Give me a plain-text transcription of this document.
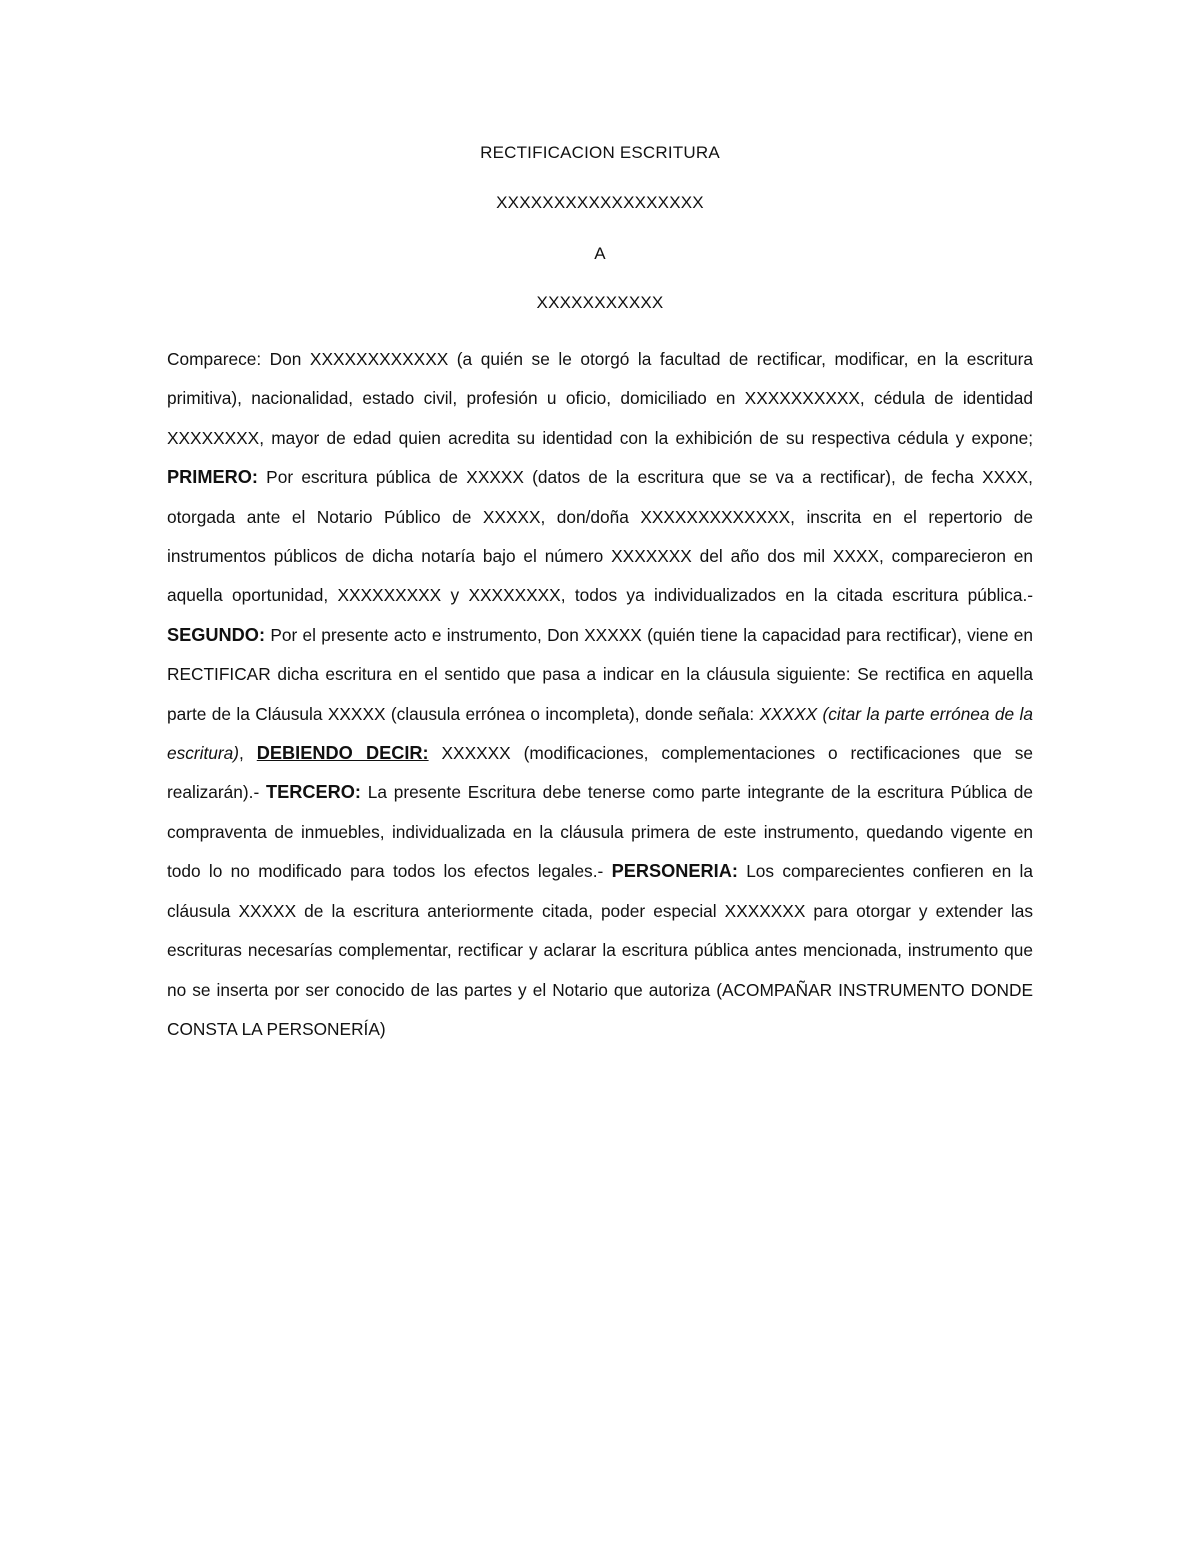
RECTIFICACION ESCRITURA

XXXXXXXXXXXXXXXXXX

A

XXXXXXXXXXX

Comparece: Don XXXXXXXXXXXX (a quién se le otorgó la facultad de rectificar, modificar, en la escritura primitiva), nacionalidad, estado civil, profesión u oficio, domiciliado en XXXXXXXXXX, cédula de identidad XXXXXXXX, mayor de edad quien acredita su identidad con la exhibición de su respectiva cédula y expone; PRIMERO: Por escritura pública de XXXXX (datos de la escritura que se va a rectificar), de fecha XXXX, otorgada ante el Notario Público de XXXXX, don/doña XXXXXXXXXXXXX, inscrita en el repertorio de instrumentos públicos de dicha notaría bajo el número XXXXXXX del año dos mil XXXX, comparecieron en aquella oportunidad, XXXXXXXXX y XXXXXXXX, todos ya individualizados en la citada escritura pública.- SEGUNDO: Por el presente acto e instrumento, Don XXXXX (quién tiene la capacidad para rectificar), viene en RECTIFICAR dicha escritura en el sentido que pasa a indicar en la cláusula siguiente: Se rectifica en aquella parte de la Cláusula XXXXX (clausula errónea o incompleta), donde señala: XXXXX (citar la parte errónea de la escritura), DEBIENDO DECIR: XXXXXX (modificaciones, complementaciones o rectificaciones que se realizarán).- TERCERO: La presente Escritura debe tenerse como parte integrante de la escritura Pública de compraventa de inmuebles, individualizada en la cláusula primera de este instrumento, quedando vigente en todo lo no modificado para todos los efectos legales.- PERSONERIA: Los comparecientes confieren en la cláusula XXXXX de la escritura anteriormente citada, poder especial XXXXXXX para otorgar y extender las escrituras necesarías complementar, rectificar y aclarar la escritura pública antes mencionada, instrumento que no se inserta por ser conocido de las partes y el Notario que autoriza (ACOMPAÑAR INSTRUMENTO DONDE CONSTA LA PERSONERÍA)
